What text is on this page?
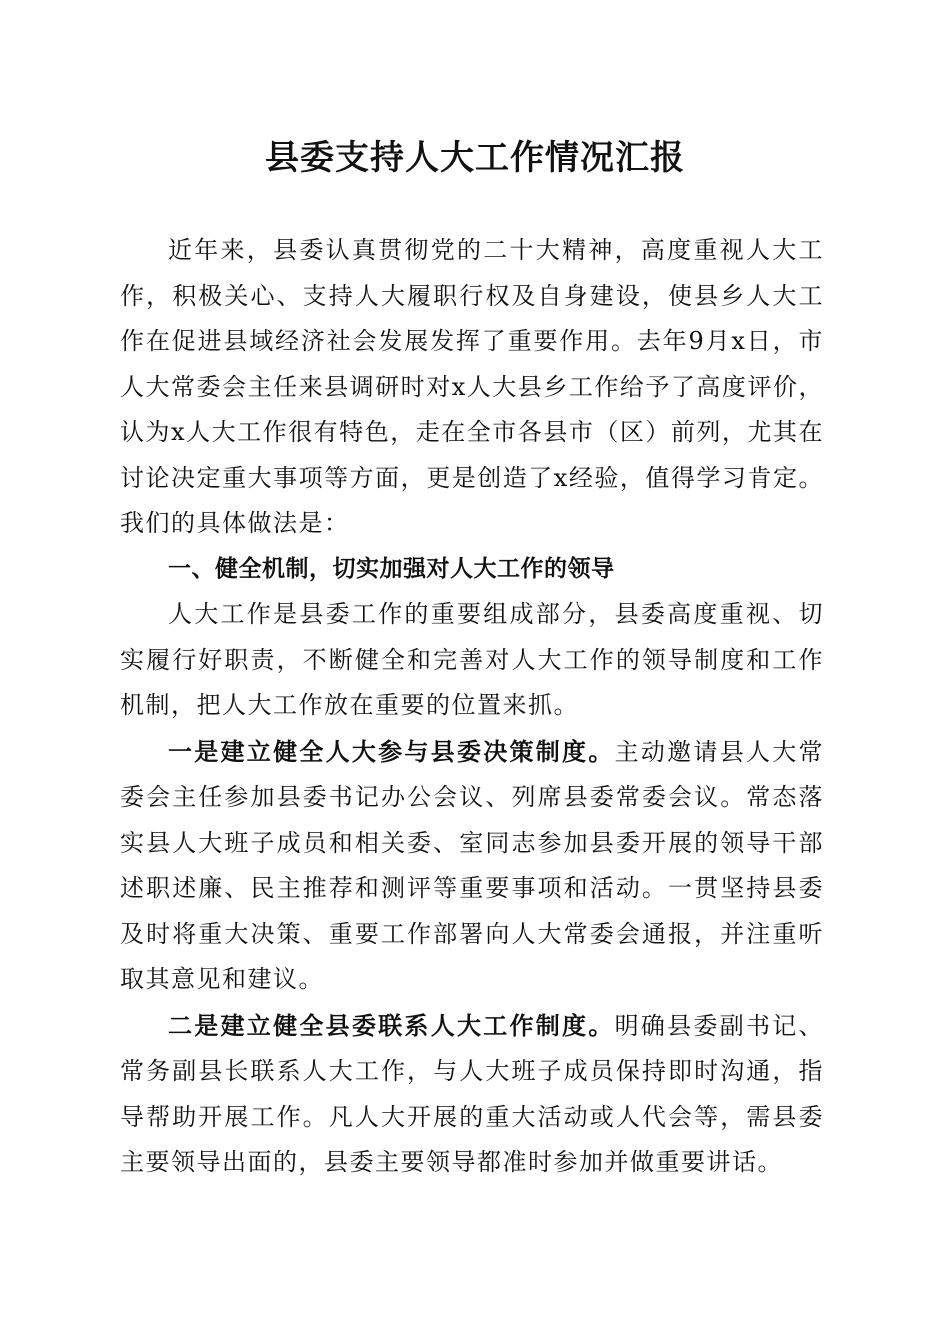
县委支持人大工作情况汇报

近年来，县委认真贯彻党的二十大精神，高度重视人大工作，积极关心、支持人大履职行权及自身建设，使县乡人大工作在促进县域经济社会发展发挥了重要作用。去年9月x日，市人大常委会主任来县调研时对x人大县乡工作给予了高度评价，认为x人大工作很有特色，走在全市各县市（区）前列，尤其在讨论决定重大事项等方面，更是创造了x经验，值得学习肯定。我们的具体做法是：

一、健全机制，切实加强对人大工作的领导

人大工作是县委工作的重要组成部分，县委高度重视、切实履行好职责，不断健全和完善对人大工作的领导制度和工作机制，把人大工作放在重要的位置来抓。

一是建立健全人大参与县委决策制度。主动邀请县人大常委会主任参加县委书记办公会议、列席县委常委会议。常态落实县人大班子成员和相关委、室同志参加县委开展的领导干部述职述廉、民主推荐和测评等重要事项和活动。一贯坚持县委及时将重大决策、重要工作部署向人大常委会通报，并注重听取其意见和建议。

二是建立健全县委联系人大工作制度。明确县委副书记、常务副县长联系人大工作，与人大班子成员保持即时沟通，指导帮助开展工作。凡人大开展的重大活动或人代会等，需县委主要领导出面的，县委主要领导都准时参加并做重要讲话。
